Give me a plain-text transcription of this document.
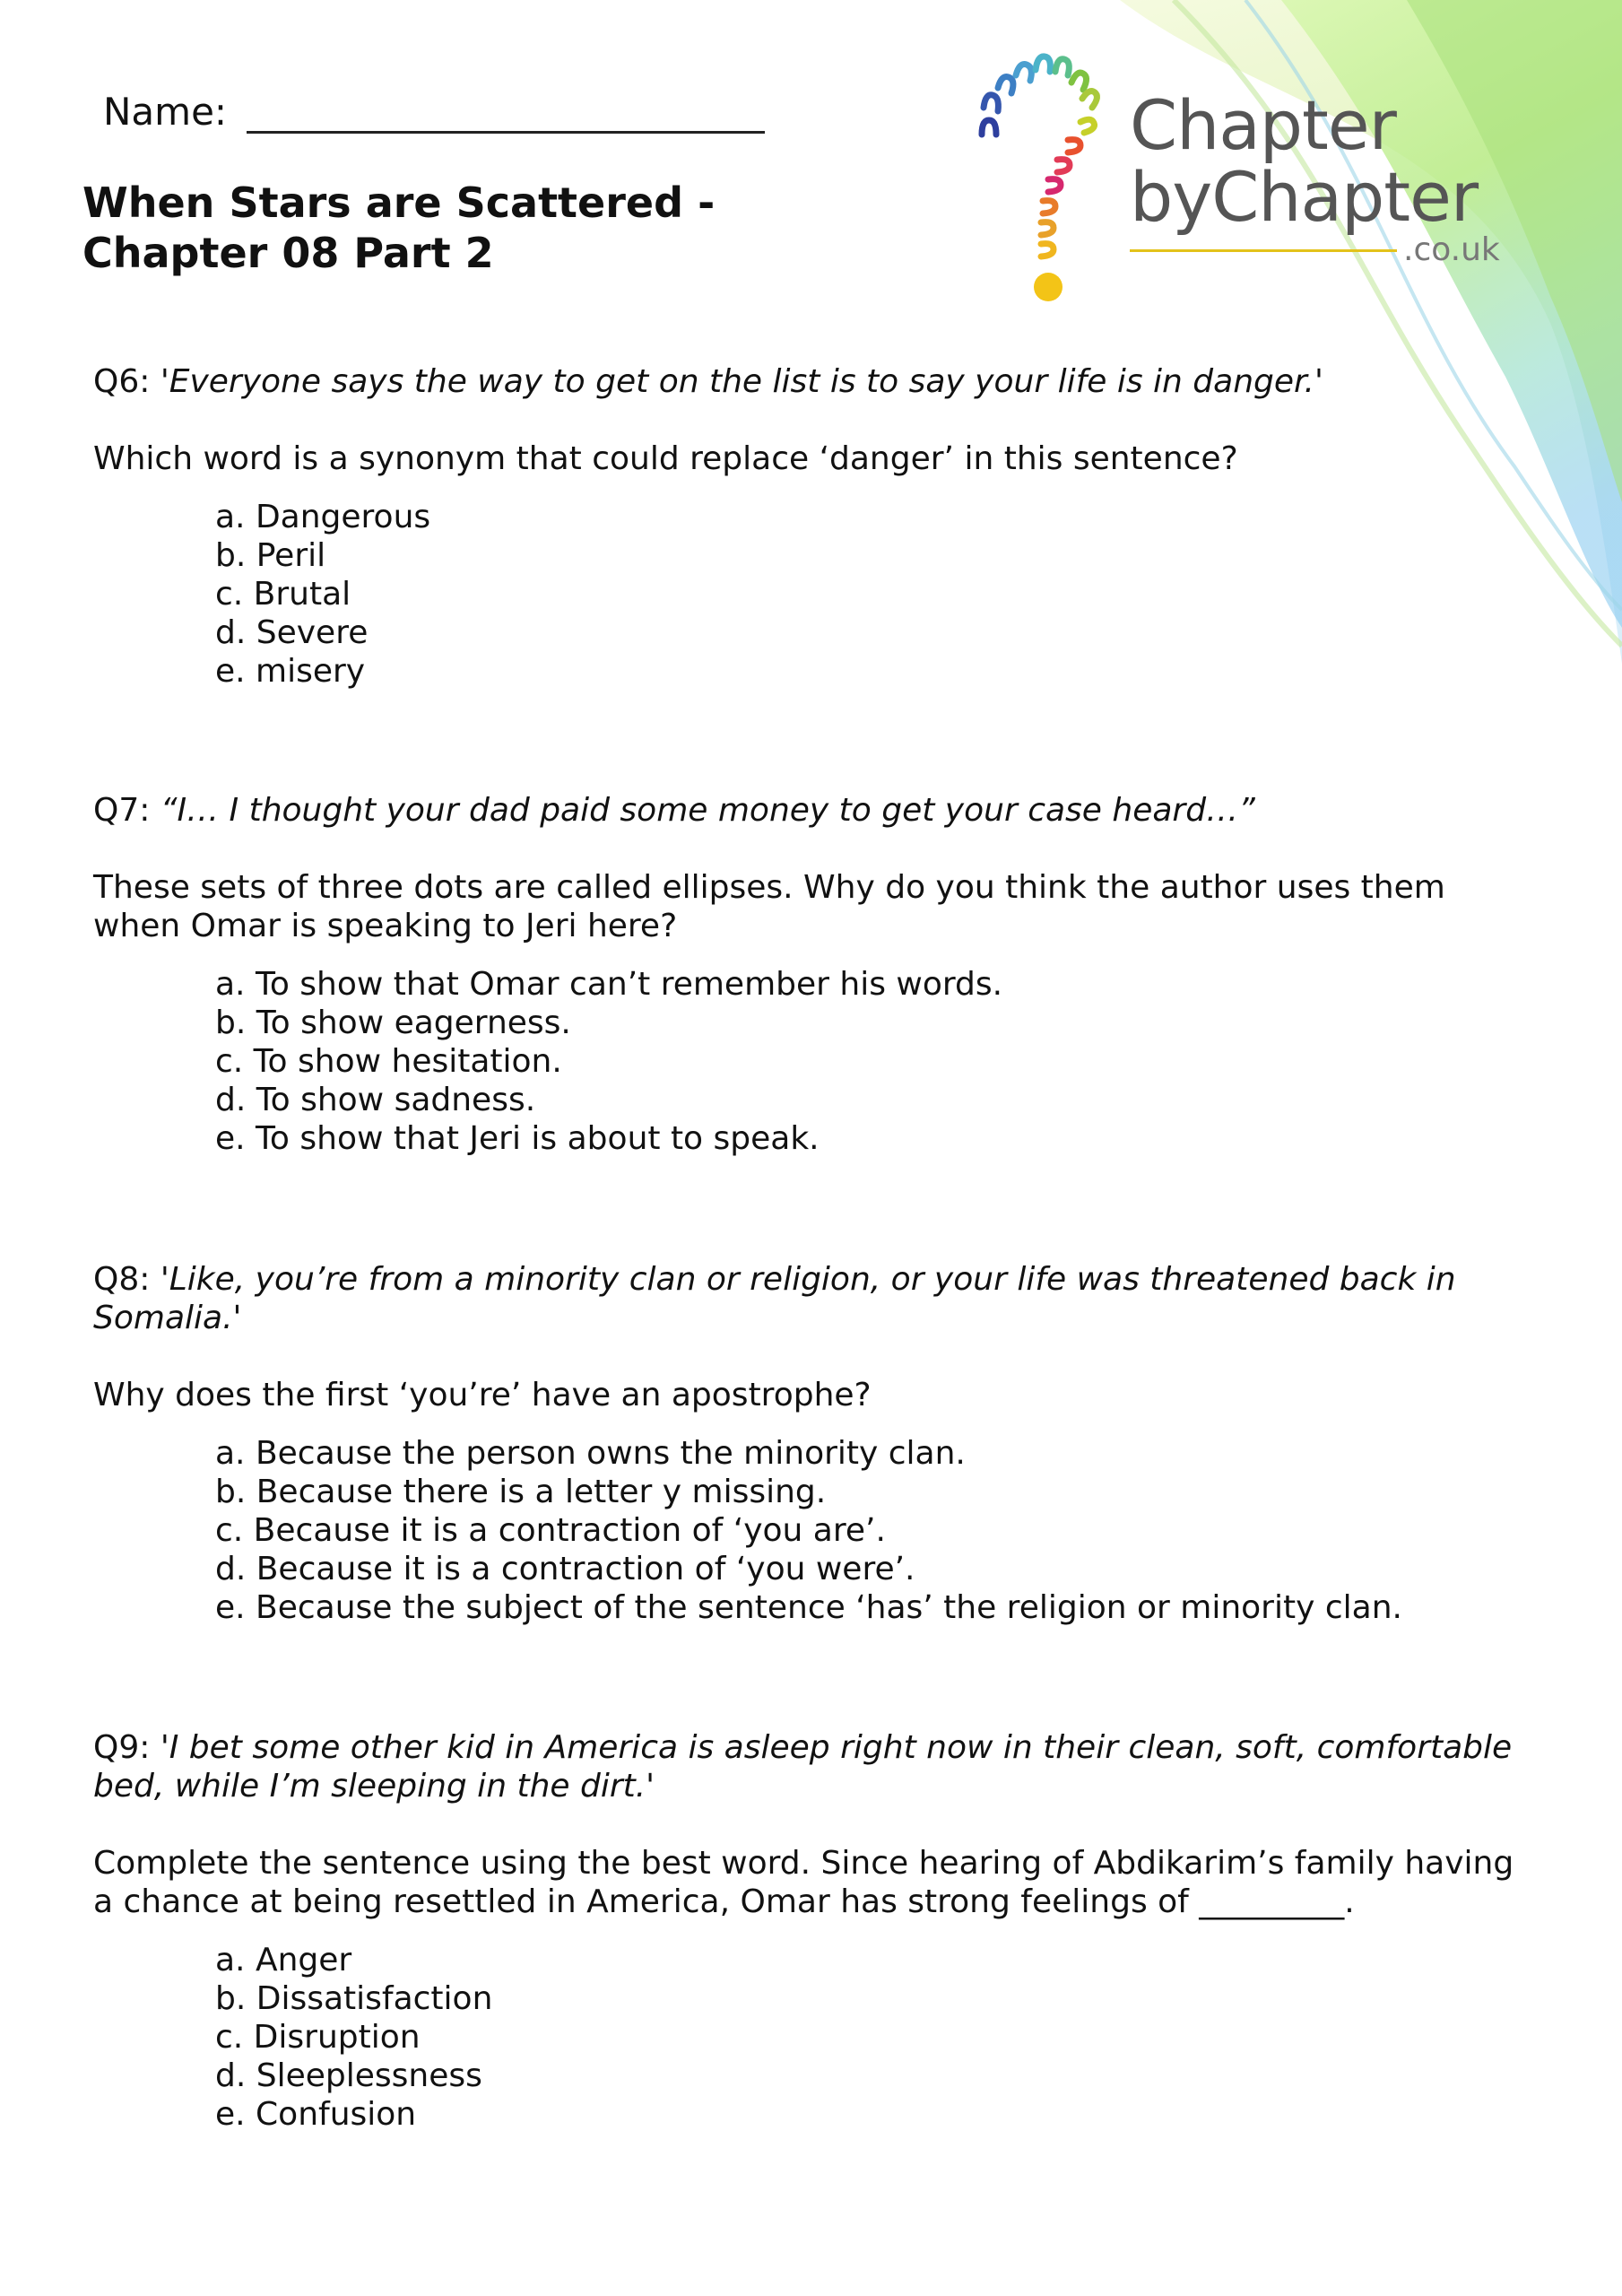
Name:
When Stars are Scattered -
Chapter 08 Part 2
Chapter
byChapter
.co.uk

Q6: 'Everyone says the way to get on the list is to say your life is in danger.'

Which word is a synonym that could replace ‘danger’ in this sentence?

a. Dangerous
b. Peril
c. Brutal
d. Severe
e. misery

Q7: “I… I thought your dad paid some money to get your case heard…”

These sets of three dots are called ellipses. Why do you think the author uses them when Omar is speaking to Jeri here?

a. To show that Omar can’t remember his words.
b. To show eagerness.
c. To show hesitation.
d. To show sadness.
e. To show that Jeri is about to speak.

Q8: 'Like, you’re from a minority clan or religion, or your life was threatened back in Somalia.'

Why does the first ‘you’re’ have an apostrophe?

a. Because the person owns the minority clan.
b. Because there is a letter y missing.
c. Because it is a contraction of ‘you are’.
d. Because it is a contraction of ‘you were’.
e. Because the subject of the sentence ‘has’ the religion or minority clan.

Q9: 'I bet some other kid in America is asleep right now in their clean, soft, comfortable bed, while I’m sleeping in the dirt.'

Complete the sentence using the best word. Since hearing of Abdikarim’s family having a chance at being resettled in America, Omar has strong feelings of _________.

a. Anger
b. Dissatisfaction
c. Disruption
d. Sleeplessness
e. Confusion
